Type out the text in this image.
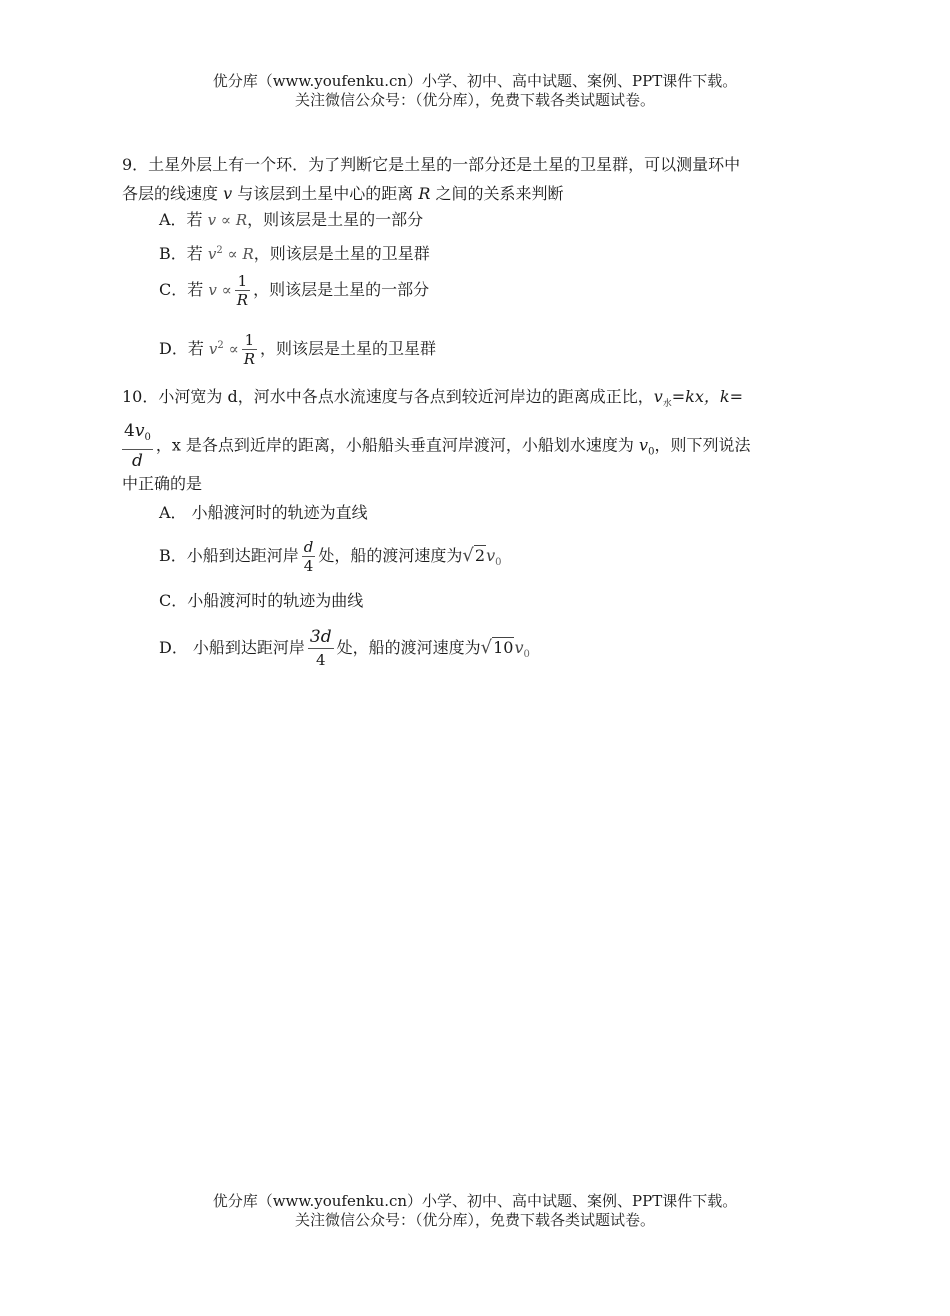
优分库（www.youfenku.cn）小学、初中、高中试题、案例、PPT课件下载。
关注微信公众号：（优分库），免费下载各类试题试卷。
9．土星外层上有一个环．为了判断它是土星的一部分还是土星的卫星群，可以测量环中
各层的线速度 v 与该层到土星中心的距离 R 之间的关系来判断
A．若 v ∝ R，则该层是土星的一部分
B．若 $v^2 \propto R$，则该层是土星的卫星群
C．若 $v \propto \frac{1}{R}$ ，则该层是土星的一部分
D．若 $v^2 \propto \frac{1}{R}$ ，则该层是土星的卫星群
10．小河宽为 d，河水中各点水流速度与各点到较近河岸边的距离成正比，$v_水=kx$，k=
$\frac{4v_0}{d}$ ，x 是各点到近岸的距离，小船船头垂直河岸渡河，小船划水速度为 $v_0$，则下列说法
中正确的是
A． 小船渡河时的轨迹为直线
B．小船到达距河岸 $\frac{d}{4}$ 处，船的渡河速度为$√2v_0$
C．小船渡河时的轨迹为曲线
D． 小船到达距河岸 $\frac{3d}{4}$ 处，船的渡河速度为$√10v_0$
优分库（www.youfenku.cn）小学、初中、高中试题、案例、PPT课件下载。
关注微信公众号：（优分库），免费下载各类试题试卷。
